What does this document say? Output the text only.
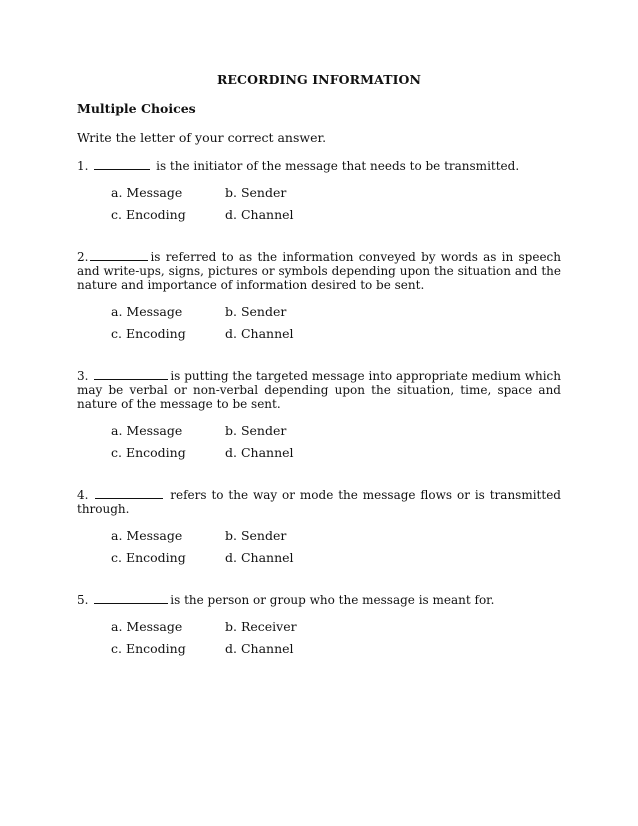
RECORDING INFORMATION
Multiple Choices
Write the letter of your correct answer.

1.	is the initiator of the message that needs to be transmitted.

a. Message	b. Sender
c. Encoding	d. Channel

2.	is referred to as the information conveyed by words as in speech and write-ups, signs, pictures or symbols depending upon the situation and the nature and importance of information desired to be sent.

a. Message	b. Sender
c. Encoding	d. Channel

3.	is putting the targeted message into appropriate medium which may be verbal or non-verbal depending upon the situation, time, space and nature of the message to be sent.

a. Message	b. Sender
c. Encoding	d. Channel

4.	refers to the way or mode the message flows or is transmitted through.

a. Message	b. Sender
c. Encoding	d. Channel

5.	is the person or group who the message is meant for.

a. Message	b. Receiver
c. Encoding	d. Channel
